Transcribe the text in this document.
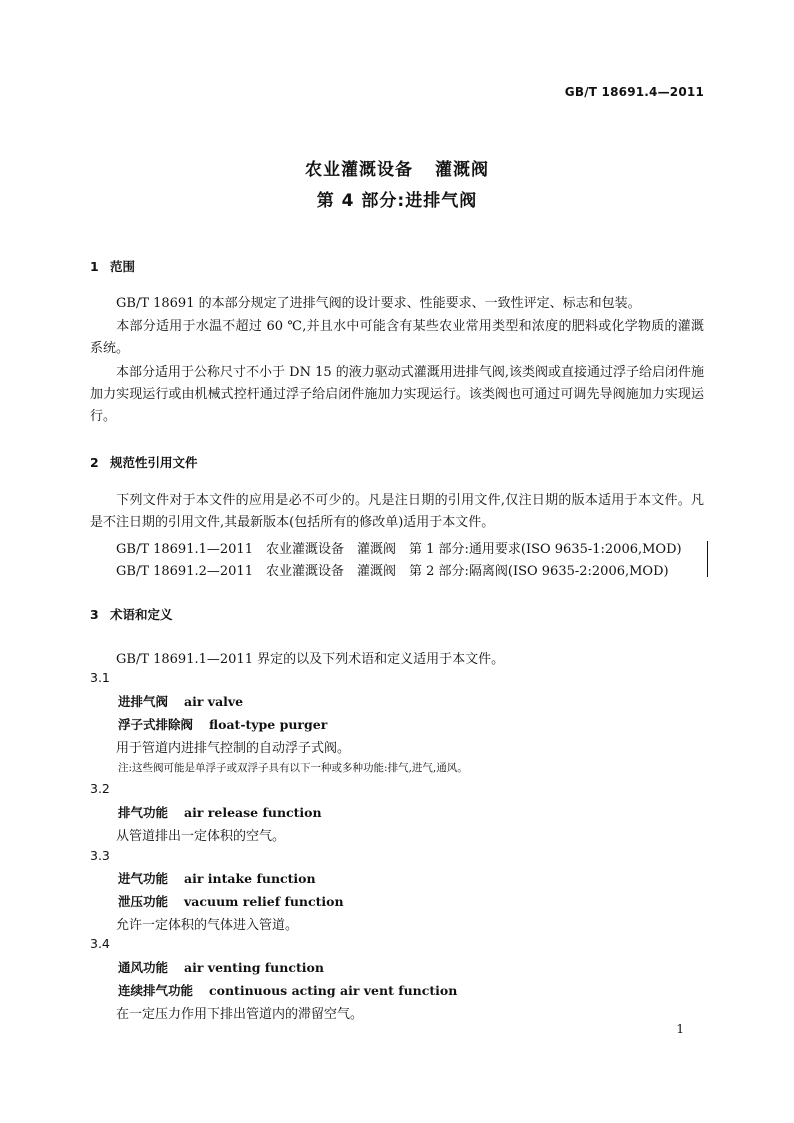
GB/T 18691.4—2011
农业灌溉设备 灌溉阀
第 4 部分:进排气阀
1 范围
GB/T 18691 的本部分规定了进排气阀的设计要求、性能要求、一致性评定、标志和包装。
本部分适用于水温不超过 60 ℃,并且水中可能含有某些农业常用类型和浓度的肥料或化学物质的灌溉系统。
本部分适用于公称尺寸不小于 DN 15 的液力驱动式灌溉用进排气阀,该类阀或直接通过浮子给启闭件施加力实现运行或由机械式控杆通过浮子给启闭件施加力实现运行。该类阀也可通过可调先导阀施加力实现运行。
2 规范性引用文件
下列文件对于本文件的应用是必不可少的。凡是注日期的引用文件,仅注日期的版本适用于本文件。凡是不注日期的引用文件,其最新版本(包括所有的修改单)适用于本文件。
GB/T 18691.1—2011　农业灌溉设备　灌溉阀　第 1 部分:通用要求(ISO 9635-1:2006,MOD)
GB/T 18691.2—2011　农业灌溉设备　灌溉阀　第 2 部分:隔离阀(ISO 9635-2:2006,MOD)
3 术语和定义
GB/T 18691.1—2011 界定的以及下列术语和定义适用于本文件。
3.1
进排气阀 air valve
浮子式排除阀 float-type purger
用于管道内进排气控制的自动浮子式阀。
注:这些阀可能是单浮子或双浮子具有以下一种或多种功能:排气,进气,通风。
3.2
排气功能 air release function
从管道排出一定体积的空气。
3.3
进气功能 air intake function
泄压功能 vacuum relief function
允许一定体积的气体进入管道。
3.4
通风功能 air venting function
连续排气功能 continuous acting air vent function
在一定压力作用下排出管道内的滞留空气。
1
